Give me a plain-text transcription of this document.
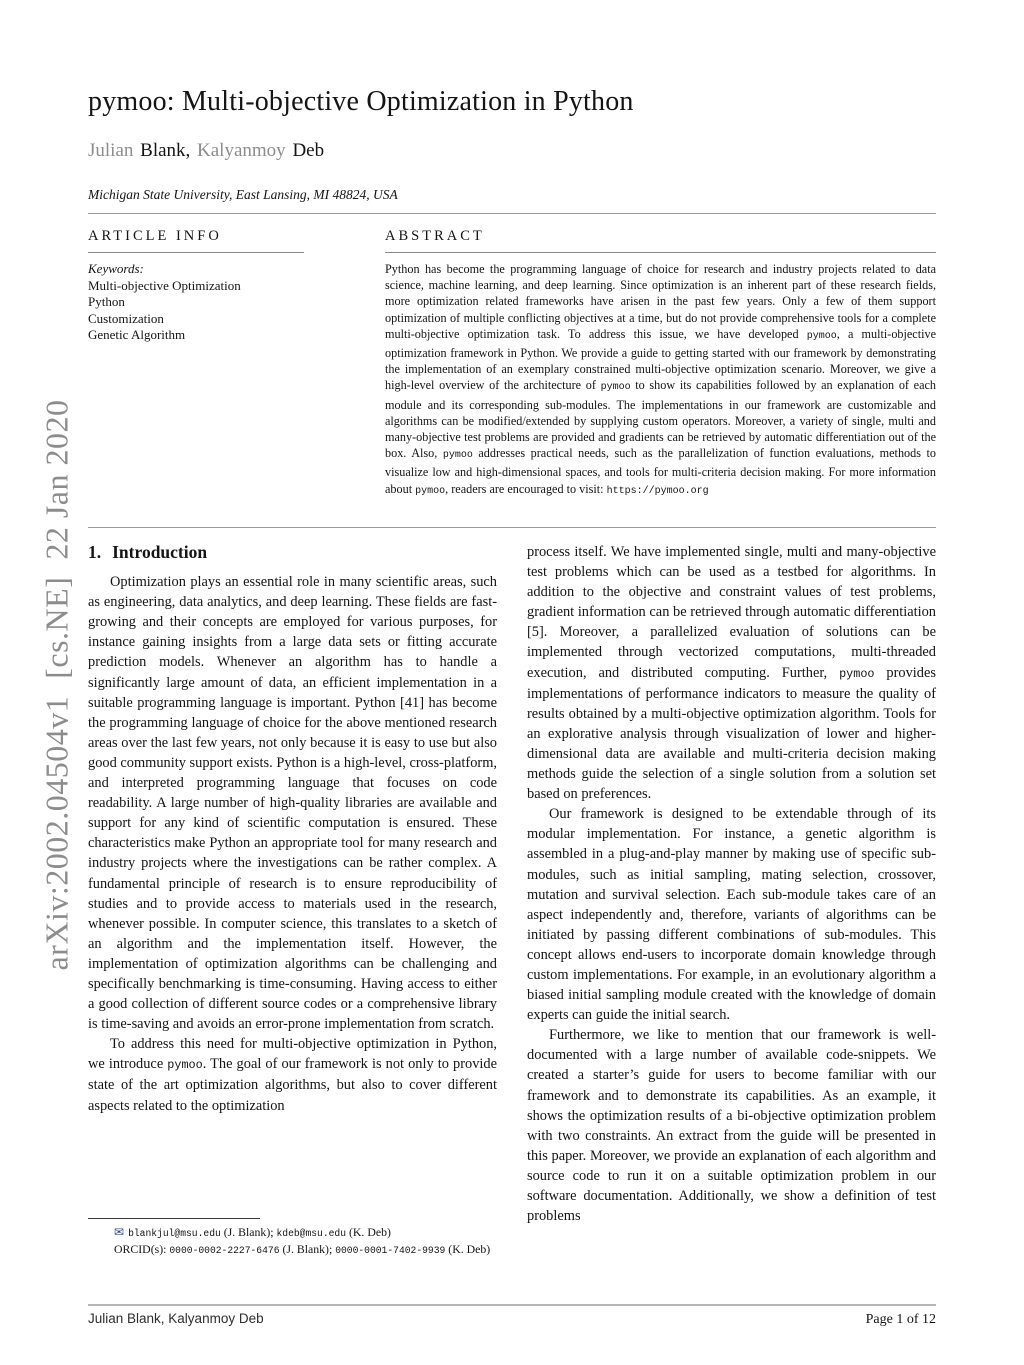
arXiv:2002.04504v1  [cs.NE]  22 Jan 2020
pymoo: Multi-objective Optimization in Python
Julian Blank, Kalyanmoy Deb
Michigan State University, East Lansing, MI 48824, USA
ARTICLE INFO
Keywords:
Multi-objective Optimization
Python
Customization
Genetic Algorithm
ABSTRACT

Python has become the programming language of choice for research and industry projects related to data science, machine learning, and deep learning. Since optimization is an inherent part of these research fields, more optimization related frameworks have arisen in the past few years. Only a few of them support optimization of multiple conflicting objectives at a time, but do not provide comprehensive tools for a complete multi-objective optimization task. To address this issue, we have developed pymoo, a multi-objective optimization framework in Python. We provide a guide to getting started with our framework by demonstrating the implementation of an exemplary constrained multi-objective optimization scenario. Moreover, we give a high-level overview of the architecture of pymoo to show its capabilities followed by an explanation of each module and its corresponding sub-modules. The implementations in our framework are customizable and algorithms can be modified/extended by supplying custom operators. Moreover, a variety of single, multi and many-objective test problems are provided and gradients can be retrieved by automatic differentiation out of the box. Also, pymoo addresses practical needs, such as the parallelization of function evaluations, methods to visualize low and high-dimensional spaces, and tools for multi-criteria decision making. For more information about pymoo, readers are encouraged to visit: https://pymoo.org

1. Introduction

Optimization plays an essential role in many scientific areas, such as engineering, data analytics, and deep learning. These fields are fast-growing and their concepts are employed for various purposes, for instance gaining insights from a large data sets or fitting accurate prediction models. Whenever an algorithm has to handle a significantly large amount of data, an efficient implementation in a suitable programming language is important. Python [41] has become the programming language of choice for the above mentioned research areas over the last few years, not only because it is easy to use but also good community support exists. Python is a high-level, cross-platform, and interpreted programming language that focuses on code readability. A large number of high-quality libraries are available and support for any kind of scientific computation is ensured. These characteristics make Python an appropriate tool for many research and industry projects where the investigations can be rather complex. A fundamental principle of research is to ensure reproducibility of studies and to provide access to materials used in the research, whenever possible. In computer science, this translates to a sketch of an algorithm and the implementation itself. However, the implementation of optimization algorithms can be challenging and specifically benchmarking is time-consuming. Having access to either a good collection of different source codes or a comprehensive library is time-saving and avoids an error-prone implementation from scratch.

To address this need for multi-objective optimization in Python, we introduce pymoo. The goal of our framework is not only to provide state of the art optimization algorithms, but also to cover different aspects related to the optimization

process itself. We have implemented single, multi and many-objective test problems which can be used as a testbed for algorithms. In addition to the objective and constraint values of test problems, gradient information can be retrieved through automatic differentiation [5]. Moreover, a parallelized evaluation of solutions can be implemented through vectorized computations, multi-threaded execution, and distributed computing. Further, pymoo provides implementations of performance indicators to measure the quality of results obtained by a multi-objective optimization algorithm. Tools for an explorative analysis through visualization of lower and higher-dimensional data are available and multi-criteria decision making methods guide the selection of a single solution from a solution set based on preferences.

Our framework is designed to be extendable through of its modular implementation. For instance, a genetic algorithm is assembled in a plug-and-play manner by making use of specific sub-modules, such as initial sampling, mating selection, crossover, mutation and survival selection. Each sub-module takes care of an aspect independently and, therefore, variants of algorithms can be initiated by passing different combinations of sub-modules. This concept allows end-users to incorporate domain knowledge through custom implementations. For example, in an evolutionary algorithm a biased initial sampling module created with the knowledge of domain experts can guide the initial search.

Furthermore, we like to mention that our framework is well-documented with a large number of available code-snippets. We created a starter’s guide for users to become familiar with our framework and to demonstrate its capabilities. As an example, it shows the optimization results of a bi-objective optimization problem with two constraints. An extract from the guide will be presented in this paper. Moreover, we provide an explanation of each algorithm and source code to run it on a suitable optimization problem in our software documentation. Additionally, we show a definition of test problems

✉ blankjul@msu.edu (J. Blank); kdeb@msu.edu (K. Deb)

ORCID(s): 0000-0002-2227-6476 (J. Blank); 0000-0001-7402-9939 (K. Deb)

Julian Blank, Kalyanmoy Deb	Page 1 of 12
